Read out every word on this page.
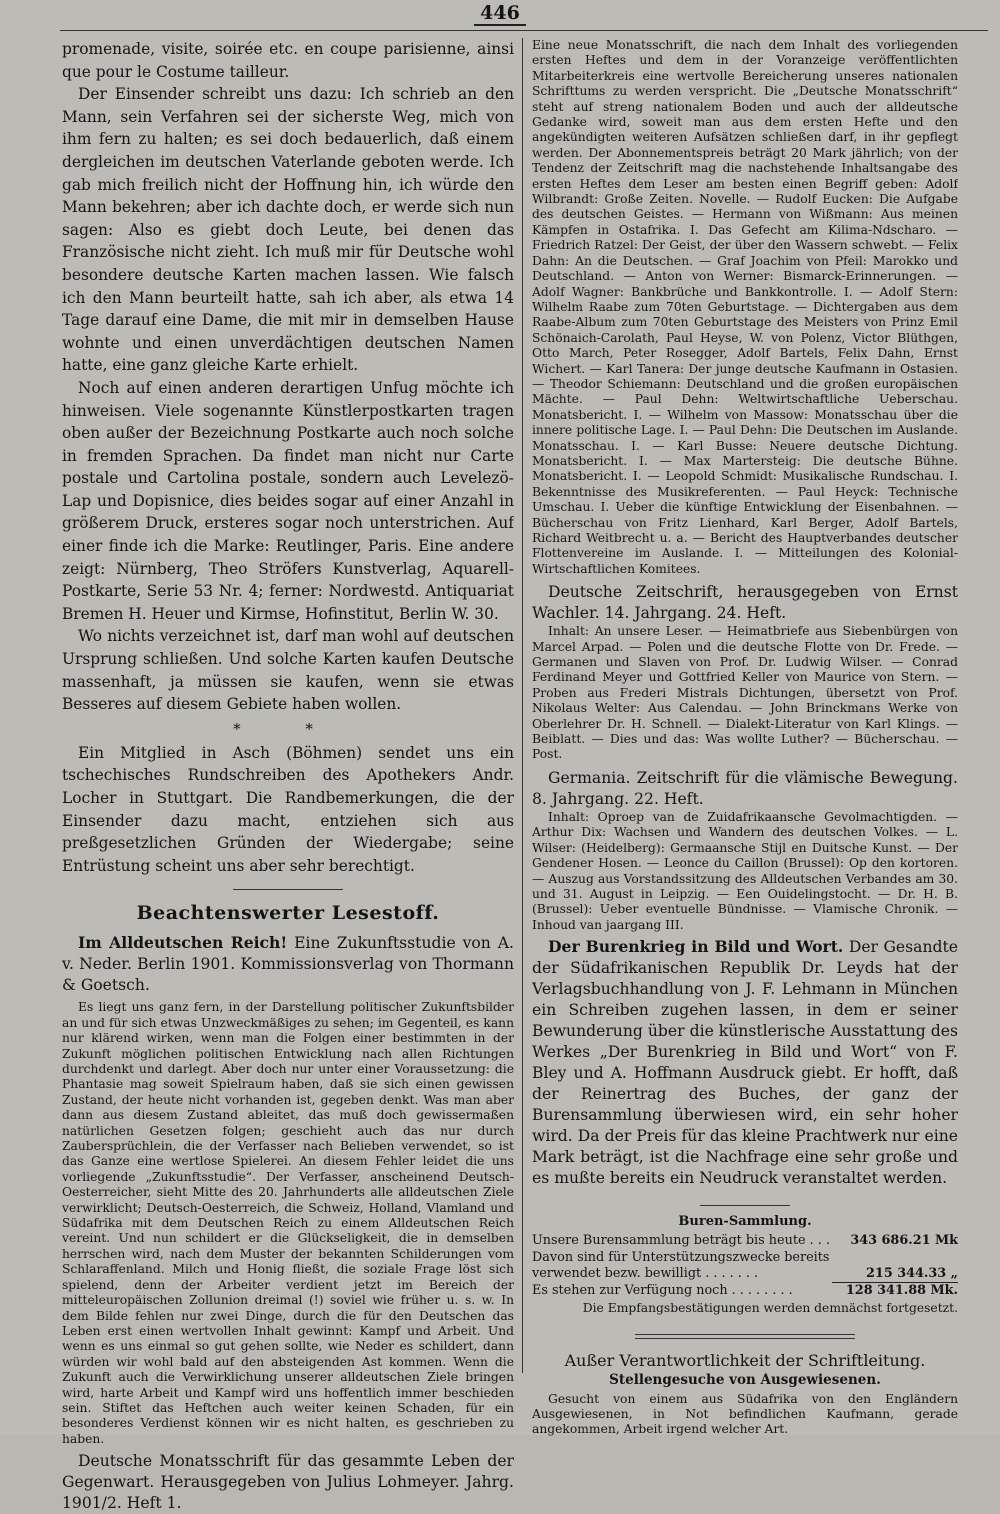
446

promenade, visite, soirée etc. en coupe parisienne, ainsi que pour le Costume tailleur.

Der Einsender schreibt uns dazu: Ich schrieb an den Mann, sein Verfahren sei der sicherste Weg, mich von ihm fern zu halten; es sei doch bedauerlich, daß einem dergleichen im deutschen Vaterlande geboten werde. Ich gab mich freilich nicht der Hoffnung hin, ich würde den Mann bekehren; aber ich dachte doch, er werde sich nun sagen: Also es giebt doch Leute, bei denen das Französische nicht zieht. Ich muß mir für Deutsche wohl besondere deutsche Karten machen lassen. Wie falsch ich den Mann beurteilt hatte, sah ich aber, als etwa 14 Tage darauf eine Dame, die mit mir in demselben Hause wohnte und einen unverdächtigen deutschen Namen hatte, eine ganz gleiche Karte erhielt.

Noch auf einen anderen derartigen Unfug möchte ich hinweisen. Viele sogenannte Künstlerpostkarten tragen oben außer der Bezeichnung Postkarte auch noch solche in fremden Sprachen. Da findet man nicht nur Carte postale und Cartolina postale, sondern auch Levelezö-Lap und Dopisnice, dies beides sogar auf einer Anzahl in größerem Druck, ersteres sogar noch unterstrichen. Auf einer finde ich die Marke: Reutlinger, Paris. Eine andere zeigt: Nürnberg, Theo Ströfers Kunstverlag, Aquarell-Postkarte, Serie 53 Nr. 4; ferner: Nordwestd. Antiquariat Bremen H. Heuer und Kirmse, Hofinstitut, Berlin W. 30.

Wo nichts verzeichnet ist, darf man wohl auf deutschen Ursprung schließen. Und solche Karten kaufen Deutsche massenhaft, ja müssen sie kaufen, wenn sie etwas Besseres auf diesem Gebiete haben wollen.

* *

Ein Mitglied in Asch (Böhmen) sendet uns ein tschechisches Rundschreiben des Apothekers Andr. Locher in Stuttgart. Die Randbemerkungen, die der Einsender dazu macht, entziehen sich aus preßgesetzlichen Gründen der Wiedergabe; seine Entrüstung scheint uns aber sehr berechtigt.

Beachtenswerter Lesestoff.

Im Alldeutschen Reich! Eine Zukunftsstudie von A. v. Neder. Berlin 1901. Kommissionsverlag von Thormann & Goetsch.

Es liegt uns ganz fern, in der Darstellung politischer Zukunftsbilder an und für sich etwas Unzweckmäßiges zu sehen; im Gegenteil, es kann nur klärend wirken, wenn man die Folgen einer bestimmten in der Zukunft möglichen politischen Entwicklung nach allen Richtungen durchdenkt und darlegt. Aber doch nur unter einer Voraussetzung: die Phantasie mag soweit Spielraum haben, daß sie sich einen gewissen Zustand, der heute nicht vorhanden ist, gegeben denkt. Was man aber dann aus diesem Zustand ableitet, das muß doch gewissermaßen natürlichen Gesetzen folgen; geschieht auch das nur durch Zaubersprüchlein, die der Verfasser nach Belieben verwendet, so ist das Ganze eine wertlose Spielerei. An diesem Fehler leidet die uns vorliegende „Zukunftsstudie“. Der Verfasser, anscheinend Deutsch-Oesterreicher, sieht Mitte des 20. Jahrhunderts alle alldeutschen Ziele verwirklicht; Deutsch-Oesterreich, die Schweiz, Holland, Vlamland und Südafrika mit dem Deutschen Reich zu einem Alldeutschen Reich vereint. Und nun schildert er die Glückseligkeit, die in demselben herrschen wird, nach dem Muster der bekannten Schilderungen vom Schlaraffenland. Milch und Honig fließt, die soziale Frage löst sich spielend, denn der Arbeiter verdient jetzt im Bereich der mitteleuropäischen Zollunion dreimal (!) soviel wie früher u. s. w. In dem Bilde fehlen nur zwei Dinge, durch die für den Deutschen das Leben erst einen wertvollen Inhalt gewinnt: Kampf und Arbeit. Und wenn es uns einmal so gut gehen sollte, wie Neder es schildert, dann würden wir wohl bald auf den absteigenden Ast kommen. Wenn die Zukunft auch die Verwirklichung unserer alldeutschen Ziele bringen wird, harte Arbeit und Kampf wird uns hoffentlich immer beschieden sein. Stiftet das Heftchen auch weiter keinen Schaden, für ein besonderes Verdienst können wir es nicht halten, es geschrieben zu haben.

Deutsche Monatsschrift für das gesammte Leben der Gegenwart. Herausgegeben von Julius Lohmeyer. Jahrg. 1901/2. Heft 1.

Eine neue Monatsschrift, die nach dem Inhalt des vorliegenden ersten Heftes und dem in der Voranzeige veröffentlichten Mitarbeiterkreis eine wertvolle Bereicherung unseres nationalen Schrifttums zu werden verspricht. Die „Deutsche Monatsschrift“ steht auf streng nationalem Boden und auch der alldeutsche Gedanke wird, soweit man aus dem ersten Hefte und den angekündigten weiteren Aufsätzen schließen darf, in ihr gepflegt werden. Der Abonnementspreis beträgt 20 Mark jährlich; von der Tendenz der Zeitschrift mag die nachstehende Inhaltsangabe des ersten Heftes dem Leser am besten einen Begriff geben: Adolf Wilbrandt: Große Zeiten. Novelle. — Rudolf Eucken: Die Aufgabe des deutschen Geistes. — Hermann von Wißmann: Aus meinen Kämpfen in Ostafrika. I. Das Gefecht am Kilima-Ndscharo. — Friedrich Ratzel: Der Geist, der über den Wassern schwebt. — Felix Dahn: An die Deutschen. — Graf Joachim von Pfeil: Marokko und Deutschland. — Anton von Werner: Bismarck-Erinnerungen. — Adolf Wagner: Bankbrüche und Bankkontrolle. I. — Adolf Stern: Wilhelm Raabe zum 70ten Geburtstage. — Dichtergaben aus dem Raabe-Album zum 70ten Geburtstage des Meisters von Prinz Emil Schönaich-Carolath, Paul Heyse, W. von Polenz, Victor Blüthgen, Otto March, Peter Rosegger, Adolf Bartels, Felix Dahn, Ernst Wichert. — Karl Tanera: Der junge deutsche Kaufmann in Ostasien. — Theodor Schiemann: Deutschland und die großen europäischen Mächte. — Paul Dehn: Weltwirtschaftliche Ueberschau. Monatsbericht. I. — Wilhelm von Massow: Monatsschau über die innere politische Lage. I. — Paul Dehn: Die Deutschen im Auslande. Monatsschau. I. — Karl Busse: Neuere deutsche Dichtung. Monatsbericht. I. — Max Martersteig: Die deutsche Bühne. Monatsbericht. I. — Leopold Schmidt: Musikalische Rundschau. I. Bekenntnisse des Musikreferenten. — Paul Heyck: Technische Umschau. I. Ueber die künftige Entwicklung der Eisenbahnen. — Bücherschau von Fritz Lienhard, Karl Berger, Adolf Bartels, Richard Weitbrecht u. a. — Bericht des Hauptverbandes deutscher Flottenvereine im Auslande. I. — Mitteilungen des Kolonial-Wirtschaftlichen Komitees.

Deutsche Zeitschrift, herausgegeben von Ernst Wachler. 14. Jahrgang. 24. Heft.

Inhalt: An unsere Leser. — Heimatbriefe aus Siebenbürgen von Marcel Arpad. — Polen und die deutsche Flotte von Dr. Frede. — Germanen und Slaven von Prof. Dr. Ludwig Wilser. — Conrad Ferdinand Meyer und Gottfried Keller von Maurice von Stern. — Proben aus Frederi Mistrals Dichtungen, übersetzt von Prof. Nikolaus Welter: Aus Calendau. — John Brinckmans Werke von Oberlehrer Dr. H. Schnell. — Dialekt-Literatur von Karl Klings. — Beiblatt. — Dies und das: Was wollte Luther? — Bücherschau. — Post.

Germania. Zeitschrift für die vlämische Bewegung. 8. Jahrgang. 22. Heft.

Inhalt: Oproep van de Zuidafrikaansche Gevolmachtigden. — Arthur Dix: Wachsen und Wandern des deutschen Volkes. — L. Wilser: (Heidelberg): Germaansche Stijl en Duitsche Kunst. — Der Gendener Hosen. — Leonce du Caillon (Brussel): Op den kortoren. — Auszug aus Vorstandssitzung des Alldeutschen Verbandes am 30. und 31. August in Leipzig. — Een Ouidelingstocht. — Dr. H. B. (Brussel): Ueber eventuelle Bündnisse. — Vlamische Chronik. — Inhoud van jaargang III.

Der Burenkrieg in Bild und Wort. Der Gesandte der Südafrikanischen Republik Dr. Leyds hat der Verlagsbuchhandlung von J. F. Lehmann in München ein Schreiben zugehen lassen, in dem er seiner Bewunderung über die künstlerische Ausstattung des Werkes „Der Burenkrieg in Bild und Wort“ von F. Bley und A. Hoffmann Ausdruck giebt. Er hofft, daß der Reinertrag des Buches, der ganz der Burensammlung überwiesen wird, ein sehr hoher wird. Da der Preis für das kleine Prachtwerk nur eine Mark beträgt, ist die Nachfrage eine sehr große und es mußte bereits ein Neudruck veranstaltet werden.

Buren-Sammlung.
Unsere Burensammlung beträgt bis heute . . .	343 686.21 Mk
Davon sind für Unterstützungszwecke bereits verwendet bezw. bewilligt . . . . . . .	215 344.33 „
Es stehen zur Verfügung noch . . . . . . . .	128 341.88 Mk.
Die Empfangsbestätigungen werden demnächst fortgesetzt.
Außer Verantwortlichkeit der Schriftleitung.
Stellengesuche von Ausgewiesenen.

Gesucht von einem aus Südafrika von den Engländern Ausgewiesenen, in Not befindlichen Kaufmann, gerade angekommen, Arbeit irgend welcher Art.
